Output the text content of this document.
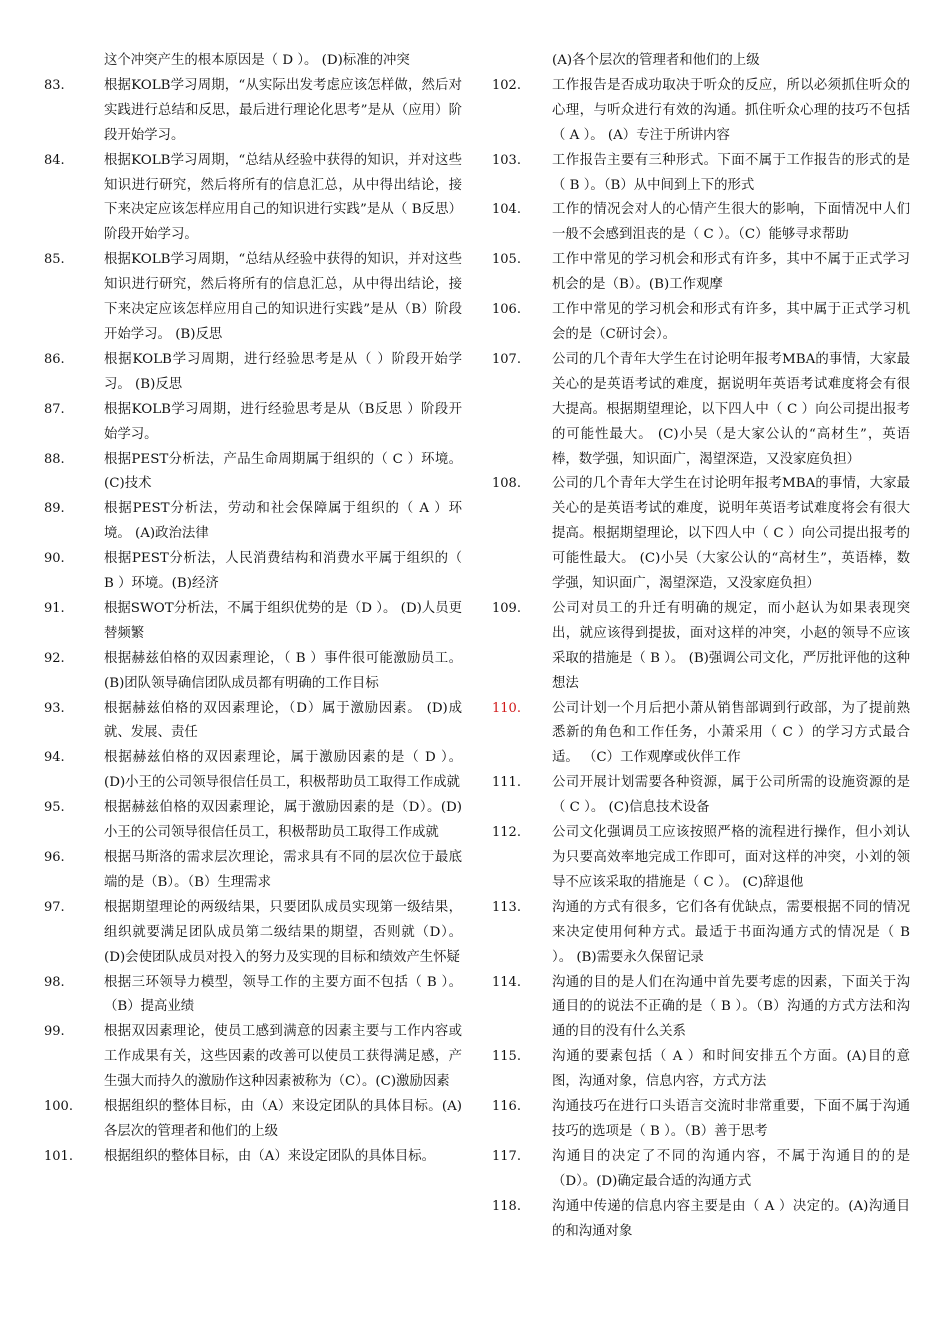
这个冲突产生的根本原因是（ D ）。 (D)标准的冲突
83.	根据KOLB学习周期，“从实际出发考虑应该怎样做，然后对实践进行总结和反思，最后进行理论化思考”是从（应用）阶段开始学习。
84.	根据KOLB学习周期，“总结从经验中获得的知识，并对这些知识进行研究，然后将所有的信息汇总，从中得出结论，接下来决定应该怎样应用自己的知识进行实践”是从（ B反思）阶段开始学习。
85.	根据KOLB学习周期，“总结从经验中获得的知识，并对这些知识进行研究，然后将所有的信息汇总，从中得出结论，接下来决定应该怎样应用自己的知识进行实践”是从（B）阶段开始学习。 (B)反思
86.	根据KOLB学习周期，进行经验思考是从（ ）阶段开始学习。 (B)反思
87.	根据KOLB学习周期，进行经验思考是从（B反思 ）阶段开始学习。
88.	根据PEST分析法，产品生命周期属于组织的（ C ）环境。(C)技术
89.	根据PEST分析法，劳动和社会保障属于组织的（ A ）环境。 (A)政治法律
90.	根据PEST分析法，人民消费结构和消费水平属于组织的（ B ）环境。(B)经济
91.	根据SWOT分析法，不属于组织优势的是（D ）。 (D)人员更替频繁
92.	根据赫兹伯格的双因素理论，（ B ）事件很可能激励员工。 (B)团队领导确信团队成员都有明确的工作目标
93.	根据赫兹伯格的双因素理论，（D）属于激励因素。 (D)成就、发展、责任
94.	根据赫兹伯格的双因素理论，属于激励因素的是（ D ）。 (D)小王的公司领导很信任员工，积极帮助员工取得工作成就
95.	根据赫兹伯格的双因素理论，属于激励因素的是（D）。(D)小王的公司领导很信任员工，积极帮助员工取得工作成就
96.	根据马斯洛的需求层次理论，需求具有不同的层次位于最底端的是（B）。（B）生理需求
97.	根据期望理论的两级结果，只要团队成员实现第一级结果，组织就要满足团队成员第二级结果的期望，否则就（D）。(D)会使团队成员对投入的努力及实现的目标和绩效产生怀疑
98.	根据三环领导力模型，领导工作的主要方面不包括（ B ）。（B）提高业绩
99.	根据双因素理论，使员工感到满意的因素主要与工作内容或工作成果有关，这些因素的改善可以使员工获得满足感，产生强大而持久的激励作这种因素被称为（C）。(C)激励因素
100.	根据组织的整体目标，由（A）来设定团队的具体目标。(A)各层次的管理者和他们的上级
101.	根据组织的整体目标，由（A）来设定团队的具体目标。
(A)各个层次的管理者和他们的上级
102.	工作报告是否成功取决于听众的反应，所以必须抓住听众的心理，与听众进行有效的沟通。抓住听众心理的技巧不包括（ A ）。 (A）专注于所讲内容
103.	工作报告主要有三种形式。下面不属于工作报告的形式的是（ B ）。（B）从中间到上下的形式
104.	工作的情况会对人的心情产生很大的影响，下面情况中人们一般不会感到沮丧的是（ C ）。（C）能够寻求帮助
105.	工作中常见的学习机会和形式有许多，其中不属于正式学习机会的是（B）。(B)工作观摩
106.	工作中常见的学习机会和形式有许多，其中属于正式学习机会的是（C研讨会）。
107.	公司的几个青年大学生在讨论明年报考MBA的事情，大家最关心的是英语考试的难度，据说明年英语考试难度将会有很大提高。根据期望理论，以下四人中（ C ）向公司提出报考的可能性最大。 (C)小吴（是大家公认的“高材生”，英语棒，数学强，知识面广，渴望深造，又没家庭负担）
108.	公司的几个青年大学生在讨论明年报考MBA的事情，大家最关心的是英语考试的难度，说明年英语考试难度将会有很大提高。根据期望理论，以下四人中（ C ）向公司提出报考的可能性最大。 (C)小吴（大家公认的“高材生”，英语棒，数学强，知识面广，渴望深造，又没家庭负担）
109.	公司对员工的升迁有明确的规定，而小赵认为如果表现突出，就应该得到提拔，面对这样的冲突，小赵的领导不应该采取的措施是（ B ）。 (B)强调公司文化，严厉批评他的这种想法
110.	公司计划一个月后把小萧从销售部调到行政部，为了提前熟悉新的角色和工作任务，小萧采用（ C ）的学习方式最合适。 （C）工作观摩或伙伴工作
111.	公司开展计划需要各种资源，属于公司所需的设施资源的是（ C ）。 (C)信息技术设备
112.	公司文化强调员工应该按照严格的流程进行操作，但小刘认为只要高效率地完成工作即可，面对这样的冲突，小刘的领导不应该采取的措施是（ C ）。 (C)辞退他
113.	沟通的方式有很多，它们各有优缺点，需要根据不同的情况来决定使用何种方式。最适于书面沟通方式的情况是（ B ）。 (B)需要永久保留记录
114.	沟通的目的是人们在沟通中首先要考虑的因素，下面关于沟通目的的说法不正确的是（ B ）。（B）沟通的方式方法和沟通的目的没有什么关系
115.	沟通的要素包括（ A ）和时间安排五个方面。(A)目的意图，沟通对象，信息内容，方式方法
116.	沟通技巧在进行口头语言交流时非常重要，下面不属于沟通技巧的选项是（ B ）。（B）善于思考
117.	沟通目的决定了不同的沟通内容，不属于沟通目的的是（D）。(D)确定最合适的沟通方式
118.	沟通中传递的信息内容主要是由（ A ）决定的。(A)沟通目的和沟通对象
